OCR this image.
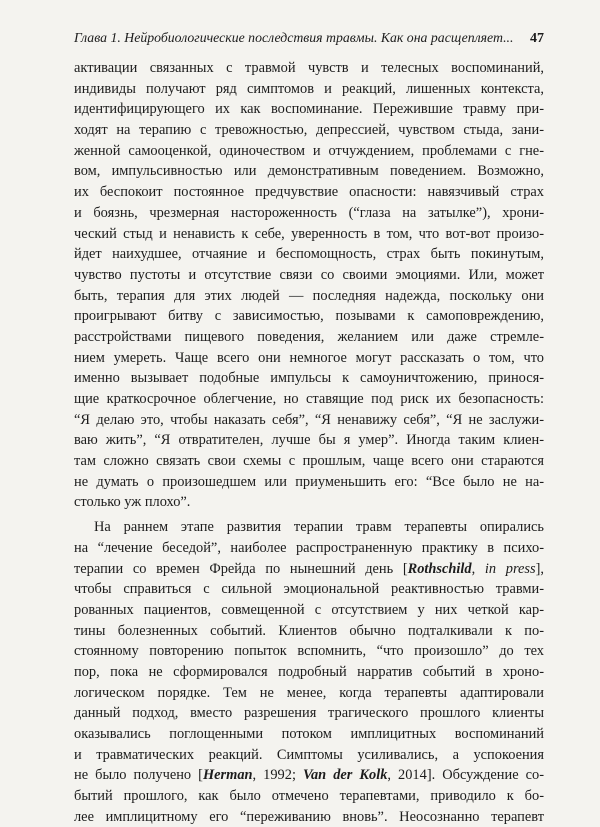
Глава 1. Нейробиологические последствия травмы. Как она расщепляет... 47
активации связанных с травмой чувств и телесных воспоминаний,
индивиды получают ряд симптомов и реакций, лишенных контекста,
идентифицирующего их как воспоминание. Пережившие травму при-
ходят на терапию с тревожностью, депрессией, чувством стыда, зани-
женной самооценкой, одиночеством и отчуждением, проблемами с гне-
вом, импульсивностью или демонстративным поведением. Возможно,
их беспокоит постоянное предчувствие опасности: навязчивый страх
и боязнь, чрезмерная настороженность (“глаза на затылке”), хрони-
ческий стыд и ненависть к себе, уверенность в том, что вот-вот произо-
йдет наихудшее, отчаяние и беспомощность, страх быть покинутым,
чувство пустоты и отсутствие связи со своими эмоциями. Или, может
быть, терапия для этих людей — последняя надежда, поскольку они
проигрывают битву с зависимостью, позывами к самоповреждению,
расстройствами пищевого поведения, желанием или даже стремле-
нием умереть. Чаще всего они немногое могут рассказать о том, что
именно вызывает подобные импульсы к самоуничтожению, принося-
щие краткосрочное облегчение, но ставящие под риск их безопасность:
“Я делаю это, чтобы наказать себя”, “Я ненавижу себя”, “Я не заслужи-
ваю жить”, “Я отвратителен, лучше бы я умер”. Иногда таким клиен-
там сложно связать свои схемы с прошлым, чаще всего они стараются
не думать о произошедшем или приуменьшить его: “Все было не на-
столько уж плохо”.
На раннем этапе развития терапии травм терапевты опирались
на “лечение беседой”, наиболее распространенную практику в психо-
терапии со времен Фрейда по нынешний день [Rothschild, in press],
чтобы справиться с сильной эмоциональной реактивностью травми-
рованных пациентов, совмещенной с отсутствием у них четкой кар-
тины болезненных событий. Клиентов обычно подталкивали к по-
стоянному повторению попыток вспомнить, “что произошло” до тех
пор, пока не сформировался подробный нарратив событий в хроно-
логическом порядке. Тем не менее, когда терапевты адаптировали
данный подход, вместо разрешения трагического прошлого клиенты
оказывались поглощенными потоком имплицитных воспоминаний
и травматических реакций. Симптомы усиливались, а успокоения
не было получено [Herman, 1992; Van der Kolk, 2014]. Обсуждение со-
бытий прошлого, как было отмечено терапевтами, приводило к бо-
лее имплицитному его “переживанию вновь”. Неосознанно терапевт
